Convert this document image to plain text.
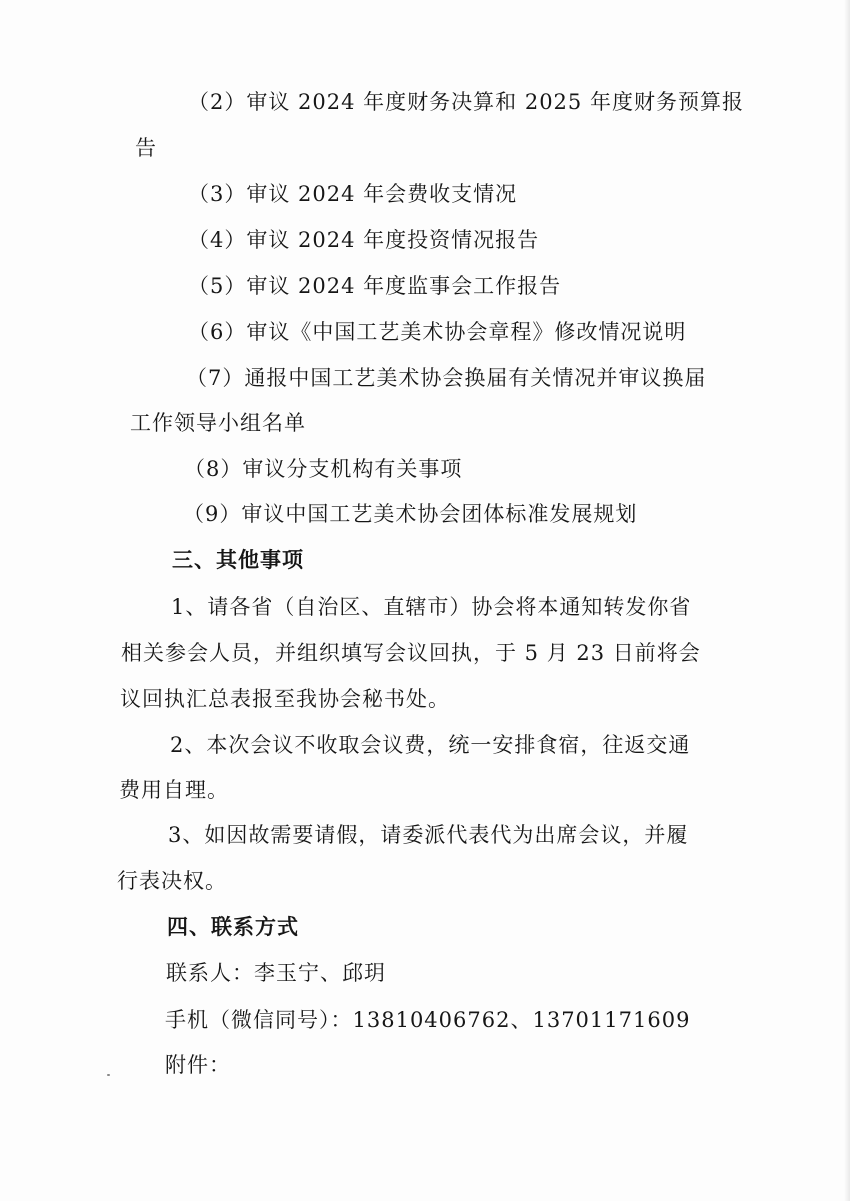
（2）审议 2024 年度财务决算和 2025 年度财务预算报
告
（3）审议 2024 年会费收支情况
（4）审议 2024 年度投资情况报告
（5）审议 2024 年度监事会工作报告
（6）审议《中国工艺美术协会章程》修改情况说明
（7）通报中国工艺美术协会换届有关情况并审议换届
工作领导小组名单
（8）审议分支机构有关事项
（9）审议中国工艺美术协会团体标准发展规划
三、其他事项
1、请各省（自治区、直辖市）协会将本通知转发你省
相关参会人员，并组织填写会议回执，于 5 月 23 日前将会
议回执汇总表报至我协会秘书处。
2、本次会议不收取会议费，统一安排食宿，往返交通
费用自理。
3、如因故需要请假，请委派代表代为出席会议，并履
行表决权。
四、联系方式
联系人：李玉宁、邱玥
手机（微信同号）：13810406762、13701171609
附件：
